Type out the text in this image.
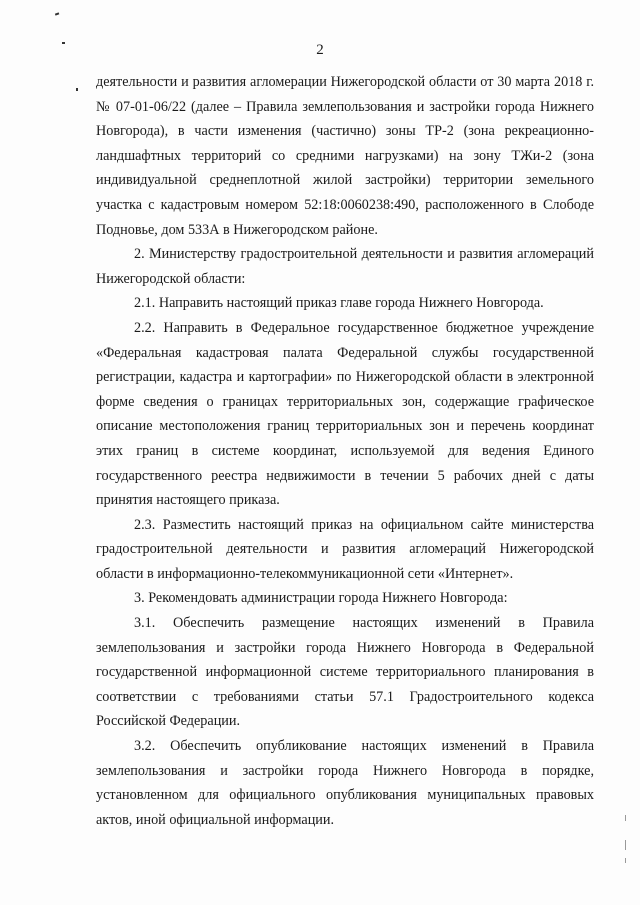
2

деятельности и развития агломерации Нижегородской области от 30 марта 2018 г. № 07-01-06/22 (далее – Правила землепользования и застройки города Нижнего Новгорода), в части изменения (частично) зоны ТР-2 (зона рекреационно-ландшафтных территорий со средними нагрузками) на зону ТЖи-2 (зона индивидуальной среднеплотной жилой застройки) территории земельного участка с кадастровым номером 52:18:0060238:490, расположенного в Слободе Подновье, дом 533А в Нижегородском районе.

2. Министерству градостроительной деятельности и развития агломераций Нижегородской области:

2.1. Направить настоящий приказ главе города Нижнего Новгорода.

2.2. Направить в Федеральное государственное бюджетное учреждение «Федеральная кадастровая палата Федеральной службы государственной регистрации, кадастра и картографии» по Нижегородской области в электронной форме сведения о границах территориальных зон, содержащие графическое описание местоположения границ территориальных зон и перечень координат этих границ в системе координат, используемой для ведения Единого государственного реестра недвижимости в течении 5 рабочих дней с даты принятия настоящего приказа.

2.3. Разместить настоящий приказ на официальном сайте министерства градостроительной деятельности и развития агломераций Нижегородской области в информационно-телекоммуникационной сети «Интернет».

3. Рекомендовать администрации города Нижнего Новгорода:

3.1. Обеспечить размещение настоящих изменений в Правила землепользования и застройки города Нижнего Новгорода в Федеральной государственной информационной системе территориального планирования в соответствии с требованиями статьи 57.1 Градостроительного кодекса Российской Федерации.

3.2. Обеспечить опубликование настоящих изменений в Правила землепользования и застройки города Нижнего Новгорода в порядке, установленном для официального опубликования муниципальных правовых актов, иной официальной информации.
